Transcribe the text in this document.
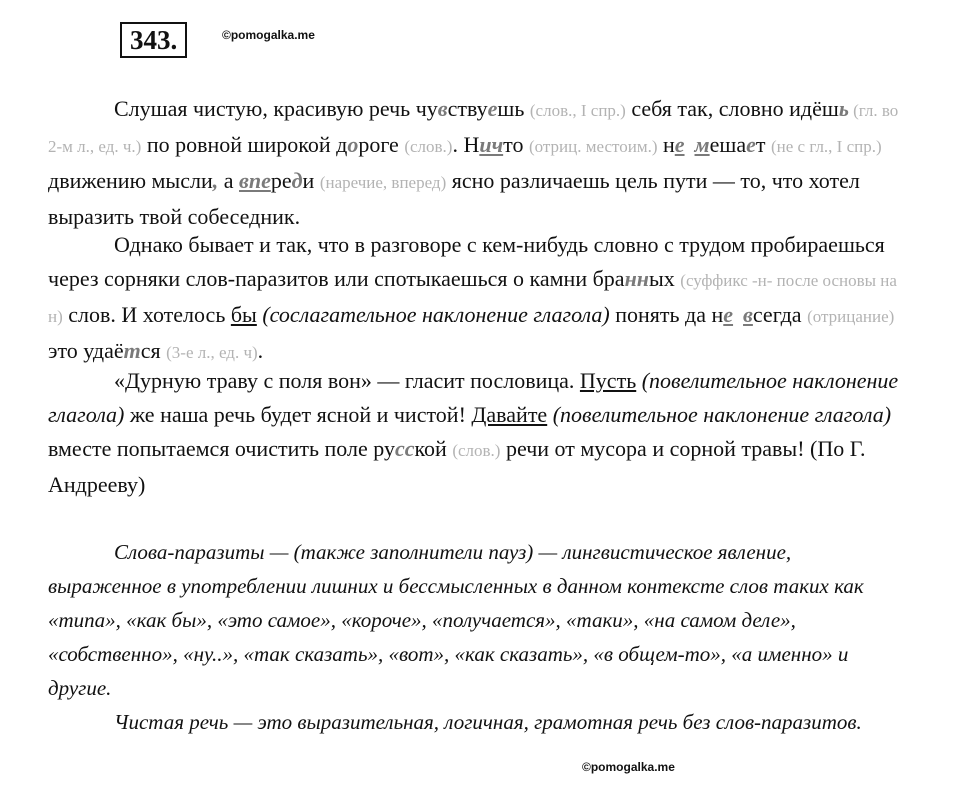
343.	©pomogalka.me
Слушая чистую, красивую речь чувствуешь (слов., I спр.) себя так, словно идёшь (гл. во 2-м л., ед. ч.) по ровной широкой дороге (слов.). Ничто (отриц. местоим.) не мешает (не с гл., I спр.) движению мысли, а впереди (наречие, вперед) ясно различаешь цель пути — то, что хотел выразить твой собеседник.
Однако бывает и так, что в разговоре с кем-нибудь словно с трудом пробираешься через сорняки слов-паразитов или спотыкаешься о камни бранных (суффикс -н- после основы на н) слов. И хотелось бы (сослагательное наклонение глагола) понять да не всегда (отрицание) это удаётся (3-е л., ед. ч).
«Дурную траву с поля вон» — гласит пословица. Пусть (повелительное наклонение глагола) же наша речь будет ясной и чистой! Давайте (повелительное наклонение глагола) вместе попытаемся очистить поле русской (слов.) речи от мусора и сорной травы! (По Г. Андрееву)
Слова-паразиты — (также заполнители пауз) — лингвистическое явление, выраженное в употреблении лишних и бессмысленных в данном контексте слов таких как «типа», «как бы», «это самое», «короче», «получается», «таки», «на самом деле», «собственно», «ну..», «так сказать», «вот», «как сказать», «в общем-то», «а именно» и другие.
Чистая речь — это выразительная, логичная, грамотная речь без слов-паразитов.
©pomogalka.me
